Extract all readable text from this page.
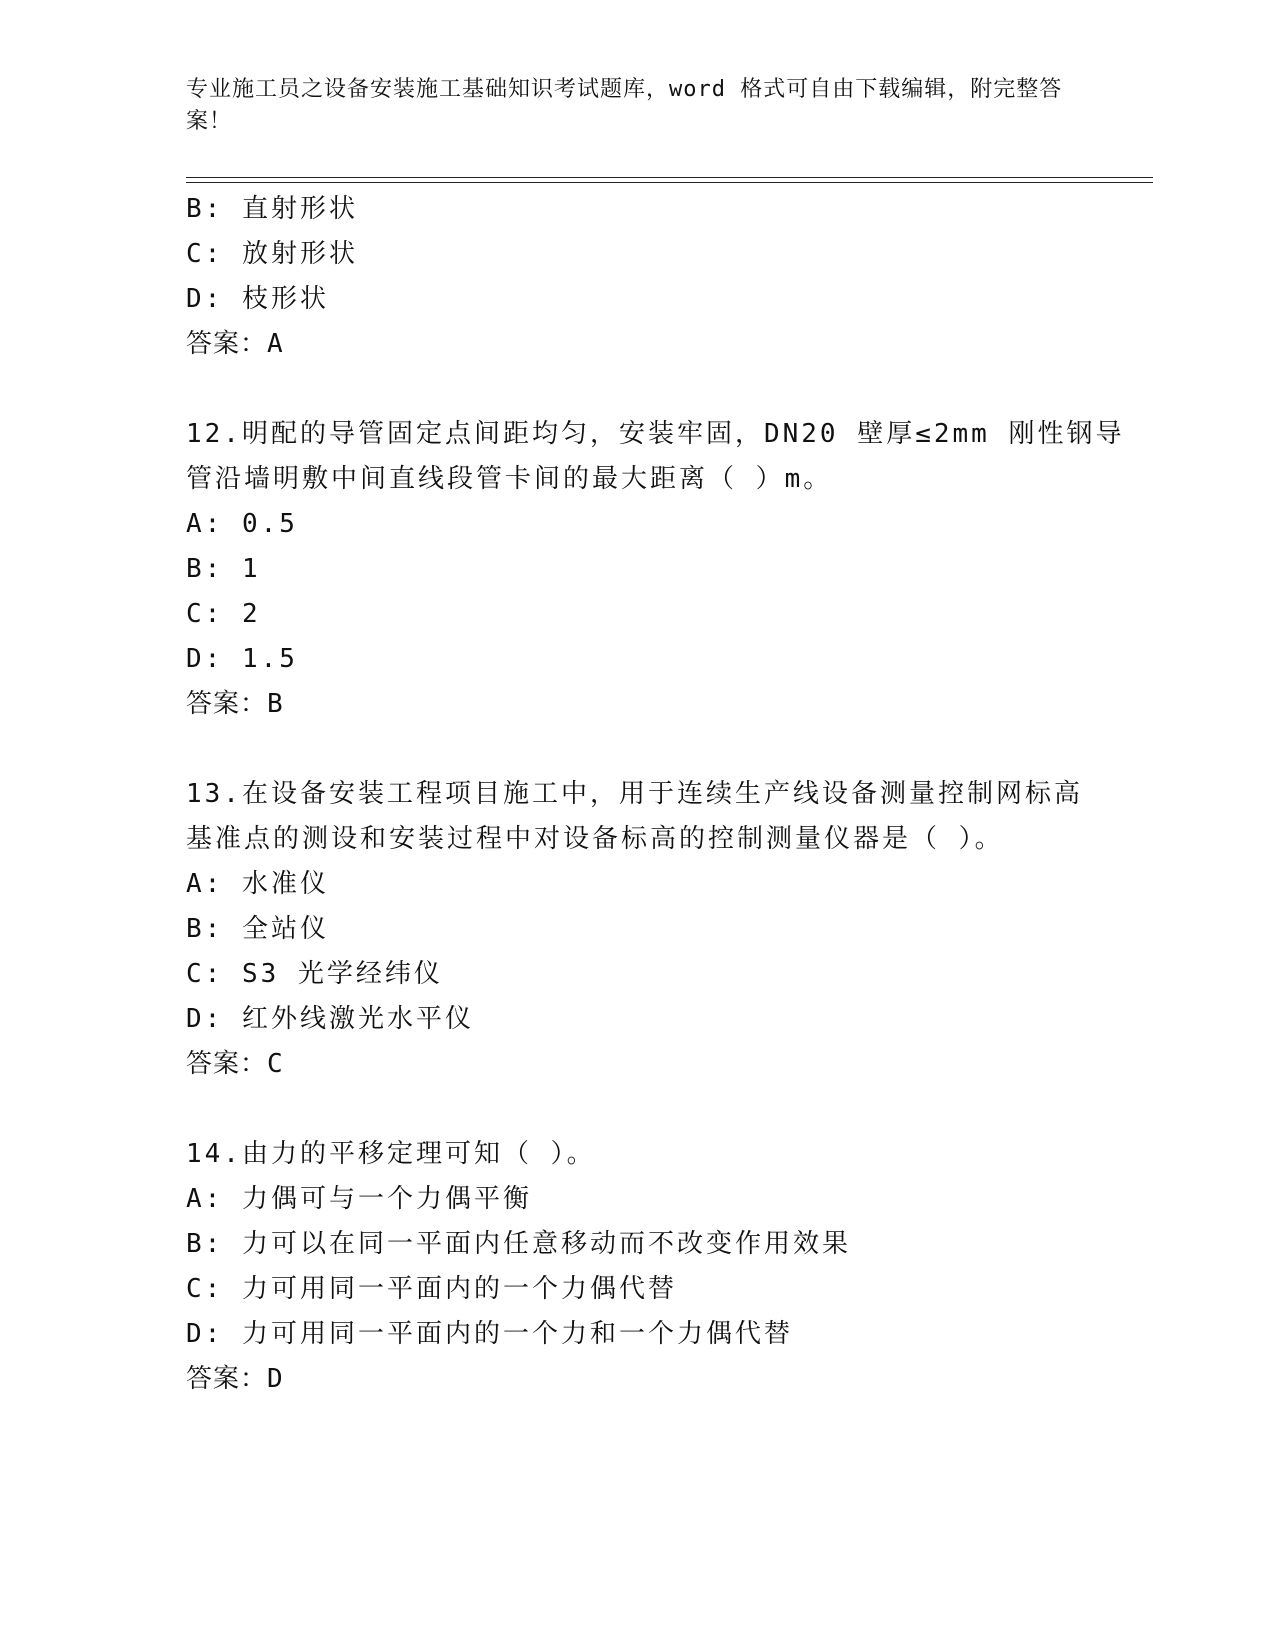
专业施工员之设备安装施工基础知识考试题库，word 格式可自由下载编辑，附完整答案！

B: 直射形状

C: 放射形状

D: 枝形状

答案：A

12.明配的导管固定点间距均匀，安装牢固，DN20 壁厚≤2mm 刚性钢导

管沿墙明敷中间直线段管卡间的最大距离（ ）m。

A: 0.5

B: 1

C: 2

D: 1.5

答案：B

13.在设备安装工程项目施工中，用于连续生产线设备测量控制网标高

基准点的测设和安装过程中对设备标高的控制测量仪器是（ ）。

A: 水准仪

B: 全站仪

C: S3 光学经纬仪

D: 红外线激光水平仪

答案：C

14.由力的平移定理可知（ ）。

A: 力偶可与一个力偶平衡

B: 力可以在同一平面内任意移动而不改变作用效果

C: 力可用同一平面内的一个力偶代替

D: 力可用同一平面内的一个力和一个力偶代替

答案：D
